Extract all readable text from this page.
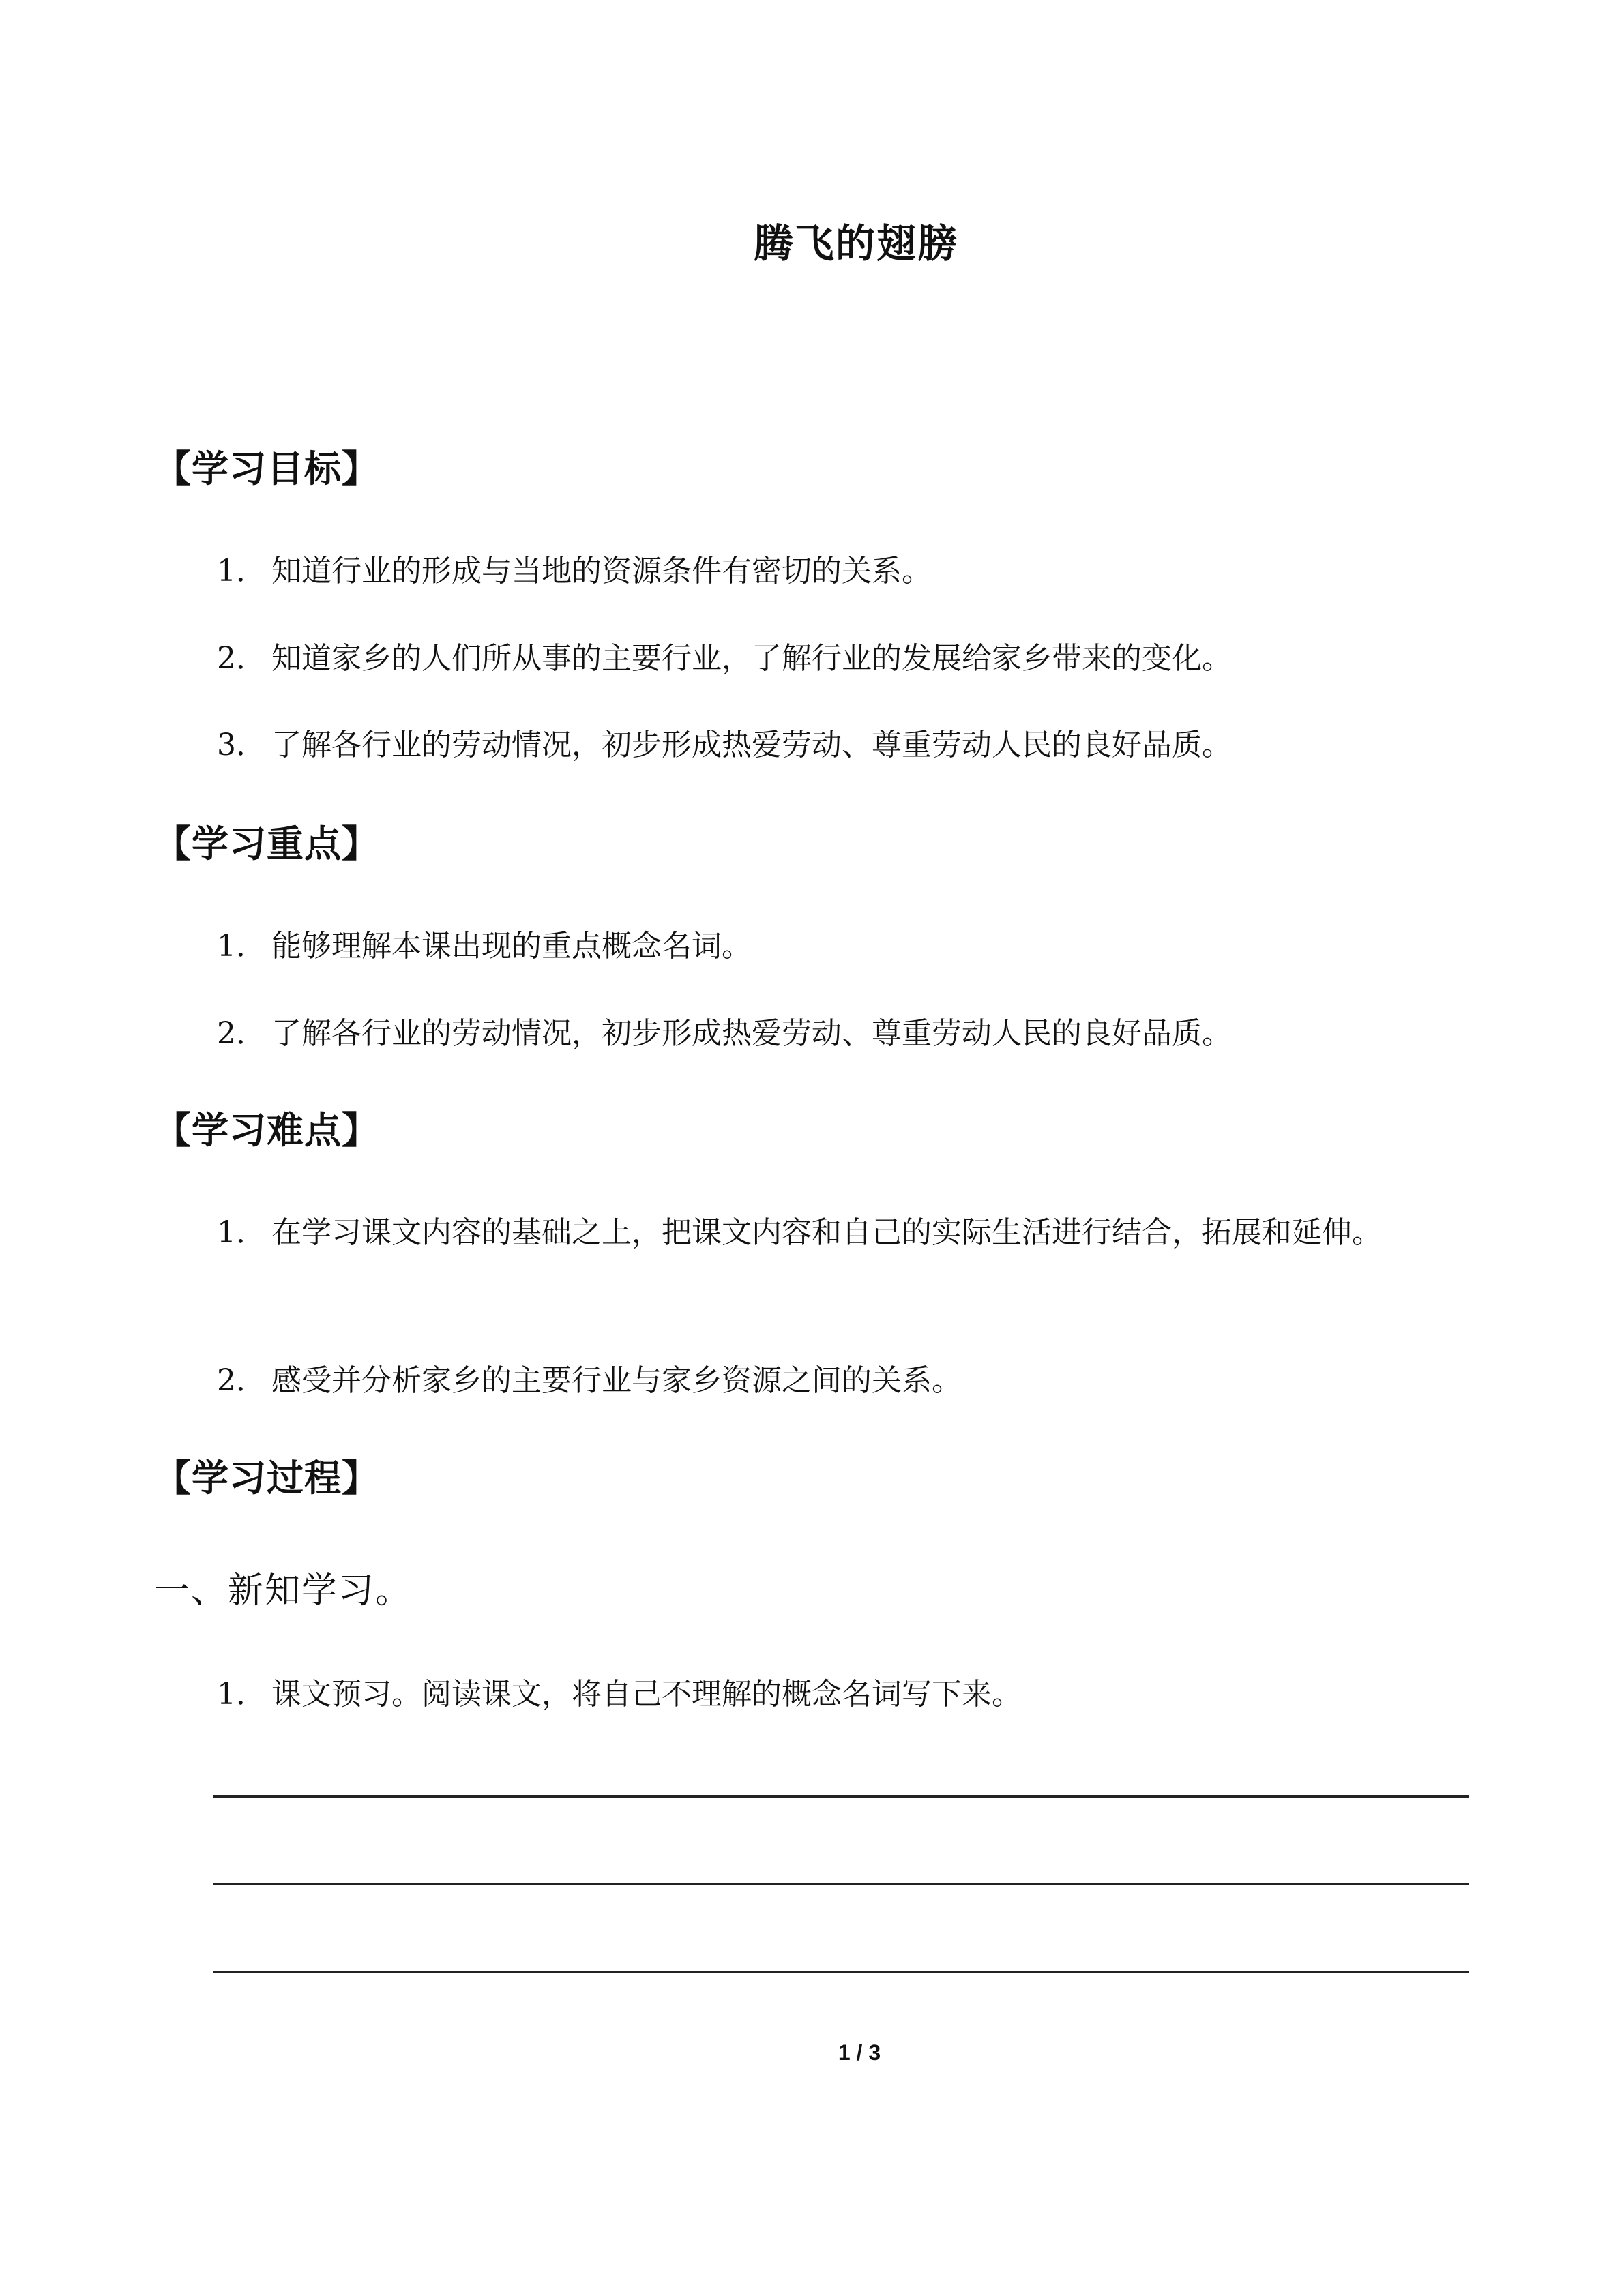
腾飞的翅膀
【学习目标】
1． 知道行业的形成与当地的资源条件有密切的关系。
2． 知道家乡的人们所从事的主要行业，了解行业的发展给家乡带来的变化。
3． 了解各行业的劳动情况，初步形成热爱劳动、尊重劳动人民的良好品质。
【学习重点】
1． 能够理解本课出现的重点概念名词。
2． 了解各行业的劳动情况，初步形成热爱劳动、尊重劳动人民的良好品质。
【学习难点】
1． 在学习课文内容的基础之上，把课文内容和自己的实际生活进行结合，拓展和延伸。
2． 感受并分析家乡的主要行业与家乡资源之间的关系。
【学习过程】
一、新知学习。
1． 课文预习。阅读课文，将自己不理解的概念名词写下来。
1 / 3
